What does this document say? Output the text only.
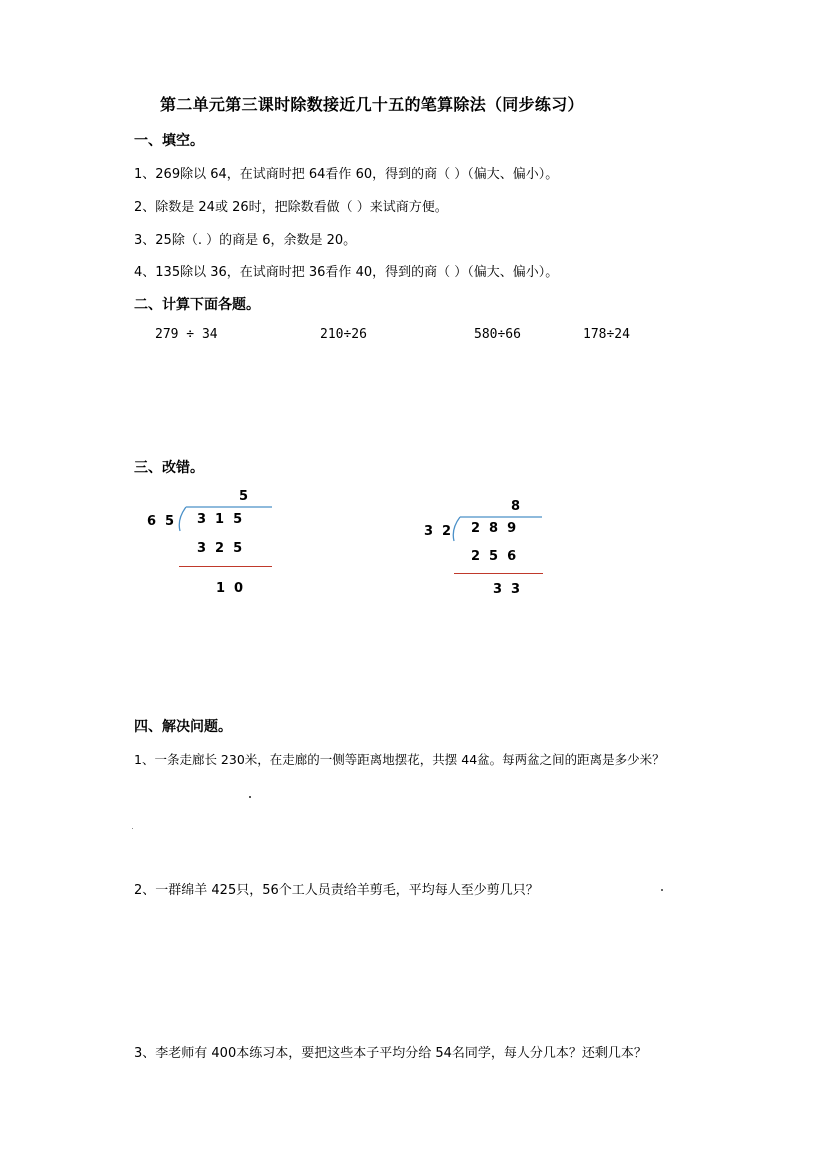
第二单元第三课时除数接近几十五的笔算除法（同步练习）
一、填空。
1、269除以 64，在试商时把 64看作 60，得到的商（ ）（偏大、偏小）。
2、除数是 24或 26时，把除数看做（ ）来试商方便。
3、25除（. ）的商是 6，余数是 20。
4、135除以 36，在试商时把 36看作 40，得到的商（ ）（偏大、偏小）。
二、计算下面各题。
279 ÷ 34	210÷26	580÷66	178÷24
三、改错。
5
65 315
325
10
8
32 289
256
33
四、解决问题。
1、一条走廊长 230米，在走廊的一侧等距离地摆花，共摆 44盆。每两盆之间的距离是多少米？
2、一群绵羊 425只，56个工人员责给羊剪毛，平均每人至少剪几只？
3、李老师有 400本练习本，要把这些本子平均分给 54名同学，每人分几本？还剩几本？
